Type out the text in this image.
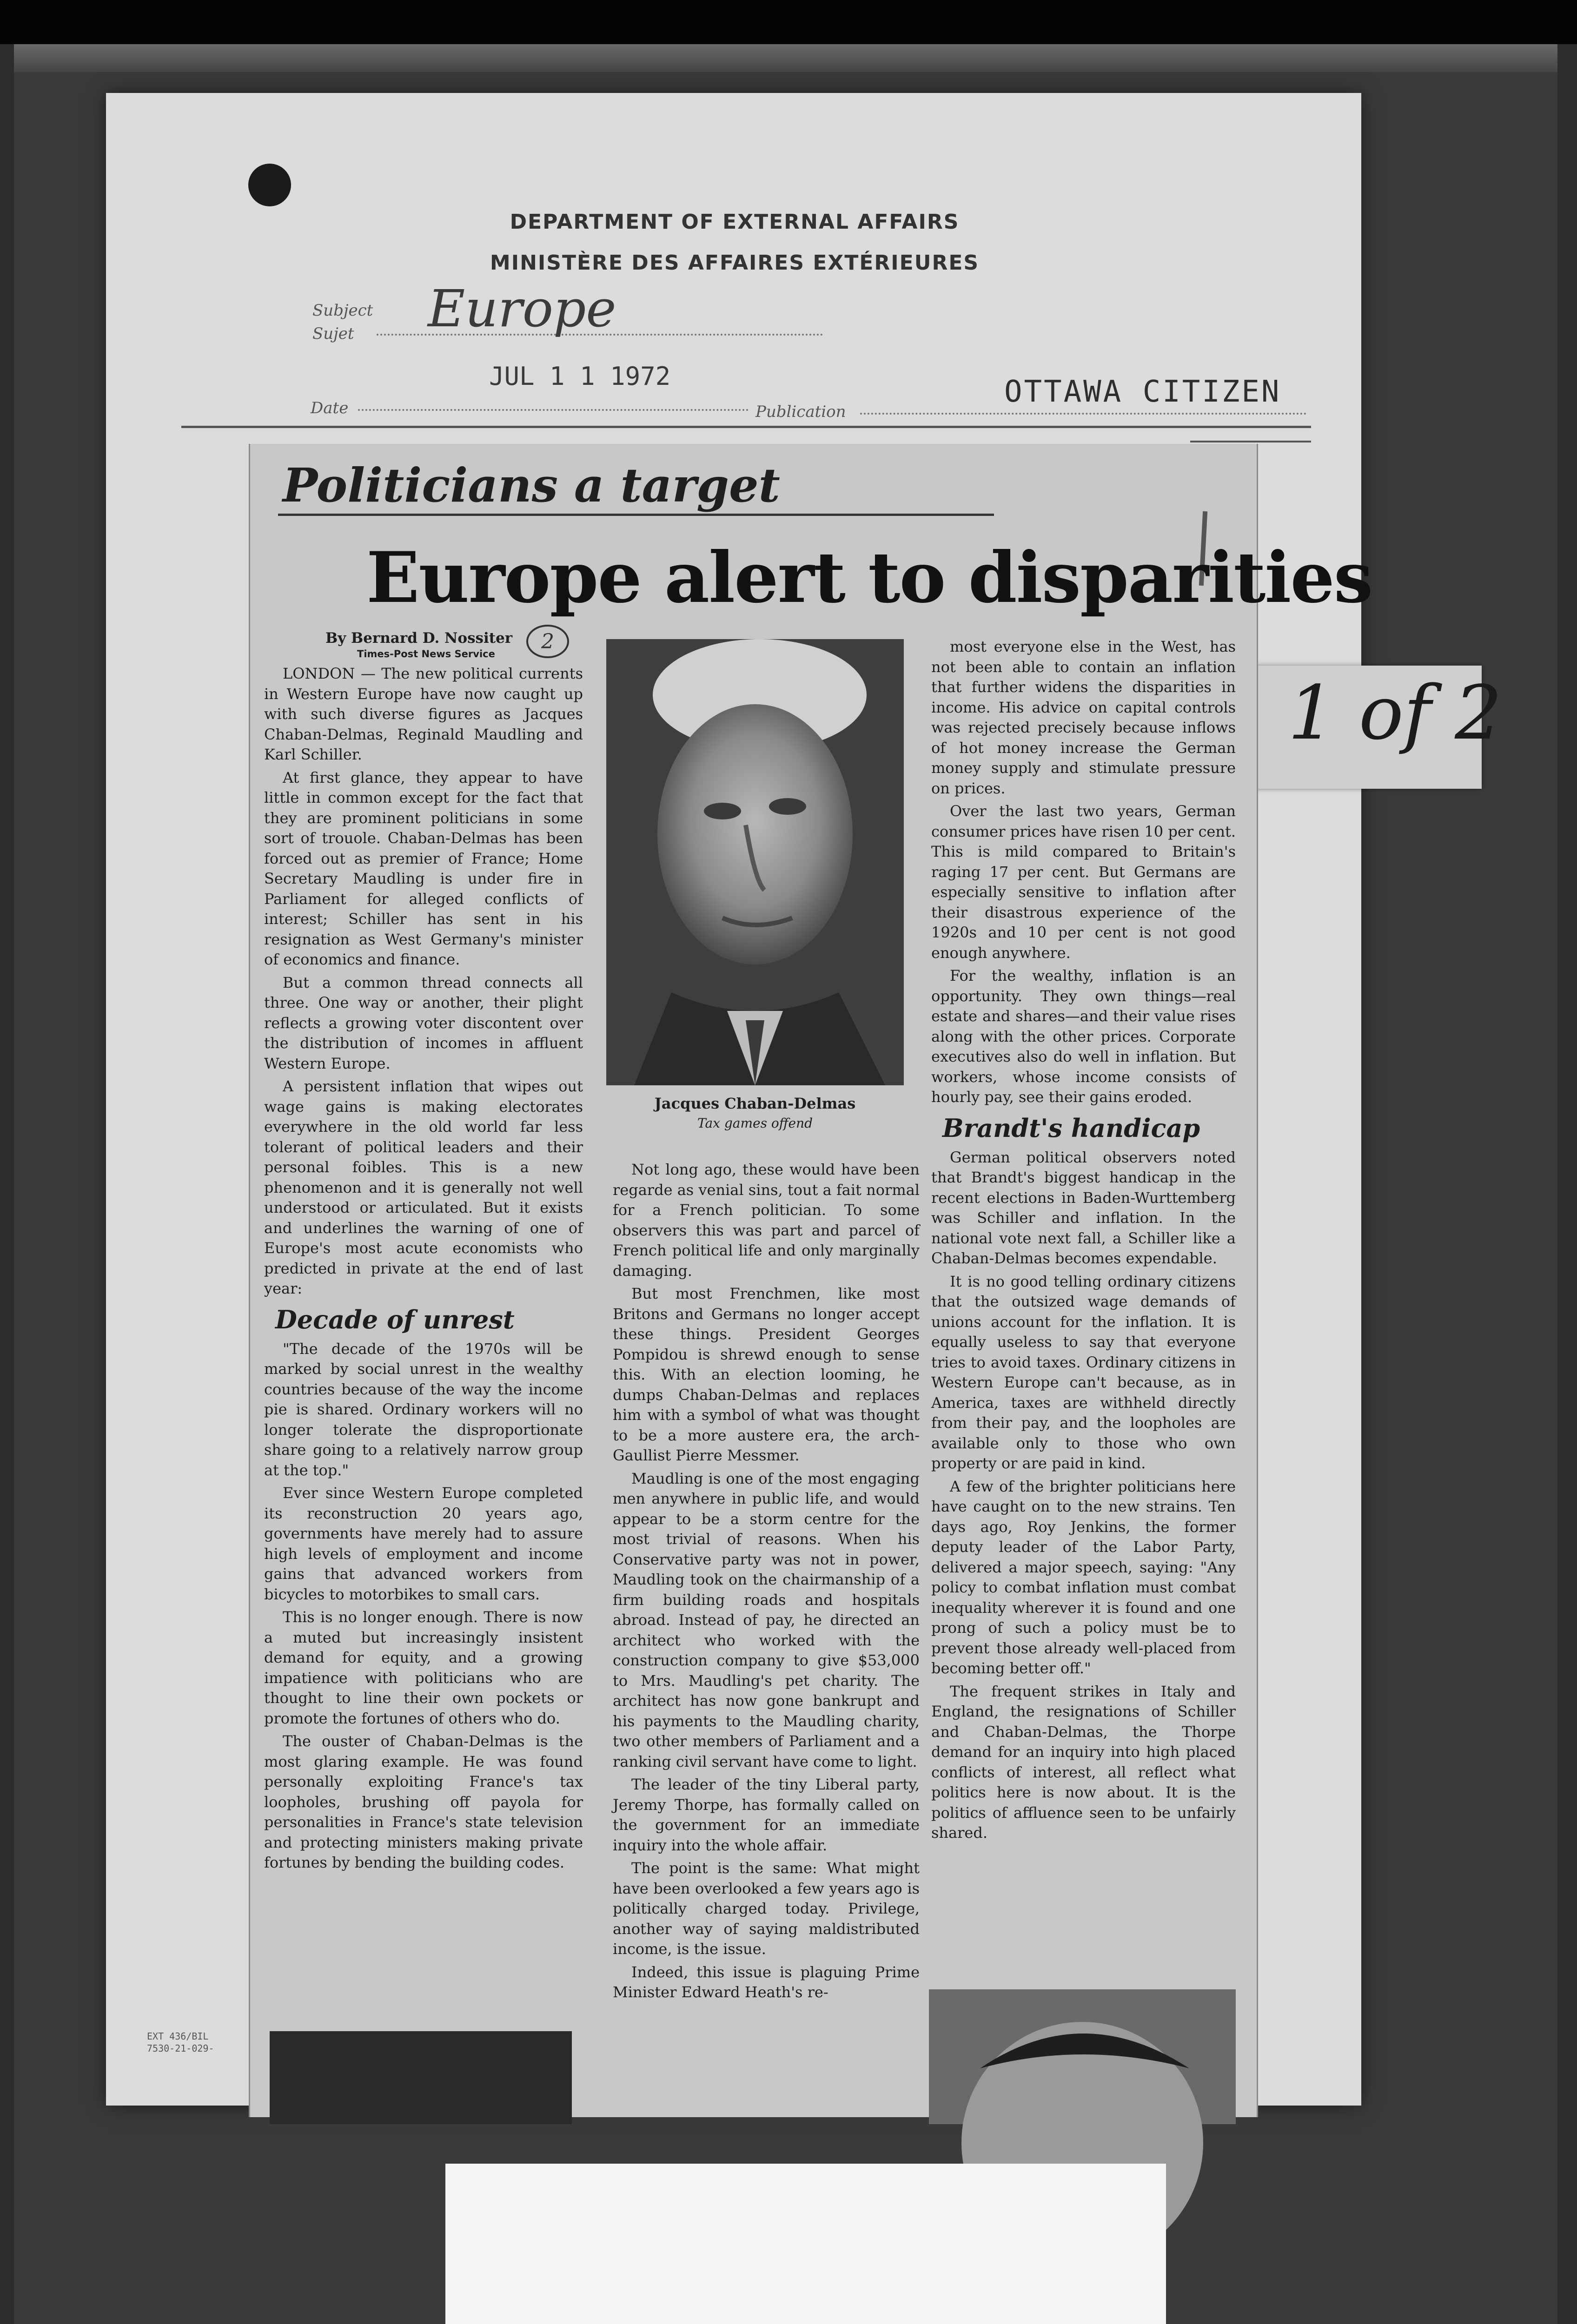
DEPARTMENT OF EXTERNAL AFFAIRS
MINISTÈRE DES AFFAIRES EXTÉRIEURES
Subject
Sujet Europe
JUL 1 1 1972
Date	Publication
OTTAWA CITIZEN
EXT 436/BIL
7530-21-029-
1 of 2
Politicians a target
Europe alert to disparities
By Bernard D. Nossiter
Times-Post News Service
2

LONDON — The new political currents in Western Europe have now caught up with such diverse figures as Jacques Chaban-Delmas, Reginald Maudling and Karl Schiller.

At first glance, they appear to have little in common except for the fact that they are prominent politicians in some sort of trouole. Chaban-Delmas has been forced out as premier of France; Home Secretary Maudling is under fire in Parliament for alleged conflicts of interest; Schiller has sent in his resignation as West Germany's minister of economics and finance.

But a common thread connects all three. One way or another, their plight reflects a growing voter discontent over the distribution of incomes in affluent Western Europe.

A persistent inflation that wipes out wage gains is making electorates everywhere in the old world far less tolerant of political leaders and their personal foibles. This is a new phenomenon and it is generally not well understood or articulated. But it exists and underlines the warning of one of Europe's most acute economists who predicted in private at the end of last year:

Decade of unrest

"The decade of the 1970s will be marked by social unrest in the wealthy countries because of the way the income pie is shared. Ordinary workers will no longer tolerate the disproportionate share going to a relatively narrow group at the top."

Ever since Western Europe completed its reconstruction 20 years ago, governments have merely had to assure high levels of employment and income gains that advanced workers from bicycles to motorbikes to small cars.

This is no longer enough. There is now a muted but increasingly insistent demand for equity, and a growing impatience with politicians who are thought to line their own pockets or promote the fortunes of others who do.

The ouster of Chaban-Delmas is the most glaring example. He was found personally exploiting France's tax loopholes, brushing off payola for personalities in France's state television and protecting ministers making private fortunes by bending the building codes.

Jacques Chaban-Delmas
Tax games offend

Not long ago, these would have been regarde as venial sins, tout a fait normal for a French politician. To some observers this was part and parcel of French political life and only marginally damaging.

But most Frenchmen, like most Britons and Germans no longer accept these things. President Georges Pompidou is shrewd enough to sense this. With an election looming, he dumps Chaban-Delmas and replaces him with a symbol of what was thought to be a more austere era, the arch-Gaullist Pierre Messmer.

Maudling is one of the most engaging men anywhere in public life, and would appear to be a storm centre for the most trivial of reasons. When his Conservative party was not in power, Maudling took on the chairmanship of a firm building roads and hospitals abroad. Instead of pay, he directed an architect who worked with the construction company to give $53,000 to Mrs. Maudling's pet charity. The architect has now gone bankrupt and his payments to the Maudling charity, two other members of Parliament and a ranking civil servant have come to light.

The leader of the tiny Liberal party, Jeremy Thorpe, has formally called on the government for an immediate inquiry into the whole affair.

The point is the same: What might have been overlooked a few years ago is politically charged today. Privilege, another way of saying maldistributed income, is the issue.

Indeed, this issue is plaguing Prime Minister Edward Heath's re-

most everyone else in the West, has not been able to contain an inflation that further widens the disparities in income. His advice on capital controls was rejected precisely because inflows of hot money increase the German money supply and stimulate pressure on prices.

Over the last two years, German consumer prices have risen 10 per cent. This is mild compared to Britain's raging 17 per cent. But Germans are especially sensitive to inflation after their disastrous experience of the 1920s and 10 per cent is not good enough anywhere.

For the wealthy, inflation is an opportunity. They own things—real estate and shares—and their value rises along with the other prices. Corporate executives also do well in inflation. But workers, whose income consists of hourly pay, see their gains eroded.

Brandt's handicap

German political observers noted that Brandt's biggest handicap in the recent elections in Baden-Wurttemberg was Schiller and inflation. In the national vote next fall, a Schiller like a Chaban-Delmas becomes expendable.

It is no good telling ordinary citizens that the outsized wage demands of unions account for the inflation. It is equally useless to say that everyone tries to avoid taxes. Ordinary citizens in Western Europe can't because, as in America, taxes are withheld directly from their pay, and the loopholes are available only to those who own property or are paid in kind.

A few of the brighter politicians here have caught on to the new strains. Ten days ago, Roy Jenkins, the former deputy leader of the Labor Party, delivered a major speech, saying: "Any policy to combat inflation must combat inequality wherever it is found and one prong of such a policy must be to prevent those already well-placed from becoming better off."

The frequent strikes in Italy and England, the resignations of Schiller and Chaban-Delmas, the Thorpe demand for an inquiry into high placed conflicts of interest, all reflect what politics here is now about. It is the politics of affluence seen to be unfairly shared.
